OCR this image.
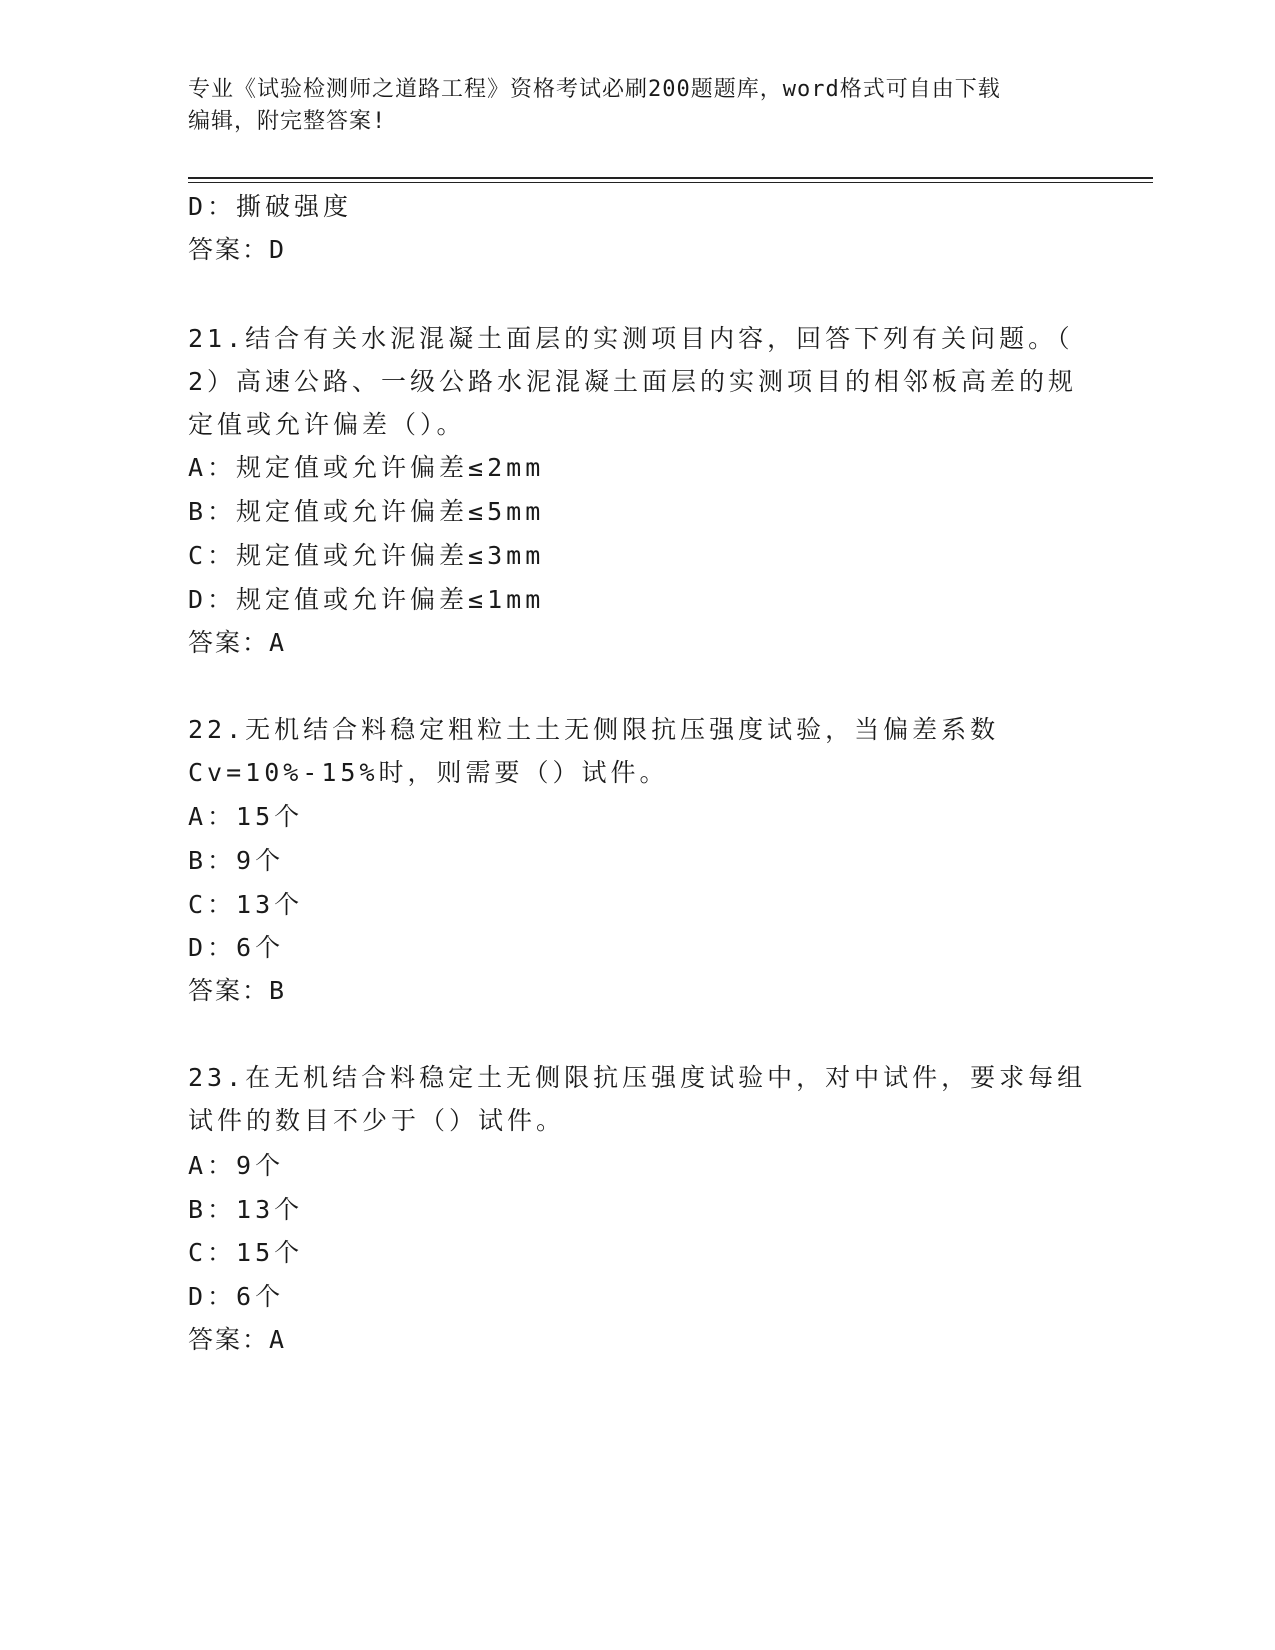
专业《试验检测师之道路工程》资格考试必刷200题题库，word格式可自由下载
编辑，附完整答案!
D：撕破强度
答案：D
21.结合有关水泥混凝土面层的实测项目内容，回答下列有关问题。（
2）高速公路、一级公路水泥混凝土面层的实测项目的相邻板高差的规
定值或允许偏差（）。
A：规定值或允许偏差≤2mm
B：规定值或允许偏差≤5mm
C：规定值或允许偏差≤3mm
D：规定值或允许偏差≤1mm
答案：A
22.无机结合料稳定粗粒土土无侧限抗压强度试验，当偏差系数
Cv=10%-15%时，则需要（）试件。
A：15个
B：9个
C：13个
D：6个
答案：B
23.在无机结合料稳定土无侧限抗压强度试验中，对中试件，要求每组
试件的数目不少于（）试件。
A：9个
B：13个
C：15个
D：6个
答案：A
